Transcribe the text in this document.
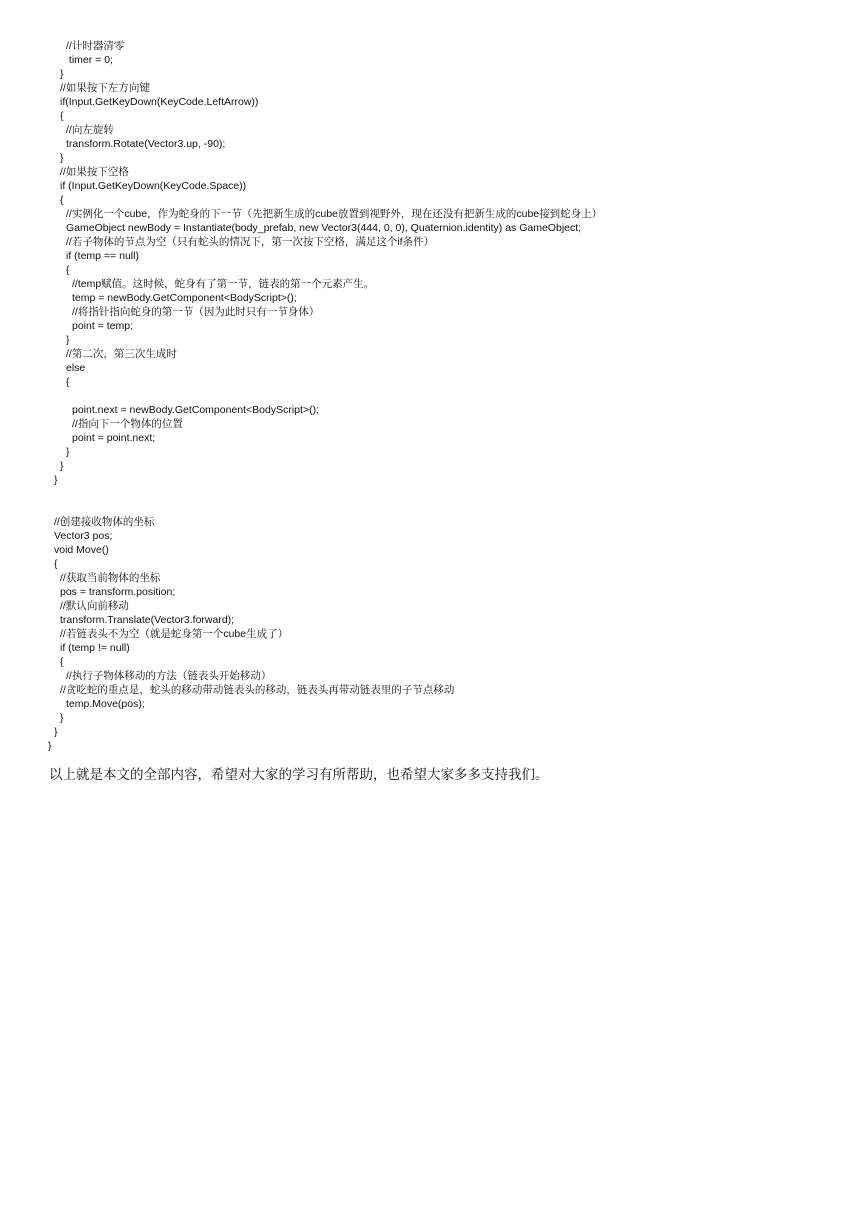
//计时器清零
timer = 0;
}
//如果按下左方向键
if(Input.GetKeyDown(KeyCode.LeftArrow))
{
//向左旋转
transform.Rotate(Vector3.up, -90);
}
//如果按下空格
if (Input.GetKeyDown(KeyCode.Space))
{
//实例化一个cube，作为蛇身的下一节（先把新生成的cube放置到视野外，现在还没有把新生成的cube接到蛇身上）
GameObject newBody = Instantiate(body_prefab, new Vector3(444, 0, 0), Quaternion.identity) as GameObject;
//若子物体的节点为空（只有蛇头的情况下，第一次按下空格，满足这个if条件）
if (temp == null)
{
//temp赋值。这时候，蛇身有了第一节，链表的第一个元素产生。
temp = newBody.GetComponent<BodyScript>();
//将指针指向蛇身的第一节（因为此时只有一节身体）
point = temp;
}
//第二次，第三次生成时
else
{
point.next = newBody.GetComponent<BodyScript>();
//指向下一个物体的位置
point = point.next;
}
}
}
//创建接收物体的坐标
Vector3 pos;
void Move()
{
//获取当前物体的坐标
pos = transform.position;
//默认向前移动
transform.Translate(Vector3.forward);
//若链表头不为空（就是蛇身第一个cube生成了）
if (temp != null)
{
//执行子物体移动的方法（链表头开始移动）
//贪吃蛇的重点是，蛇头的移动带动链表头的移动，链表头再带动链表里的子节点移动
temp.Move(pos);
}
}
}
以上就是本文的全部内容，希望对大家的学习有所帮助，也希望大家多多支持我们。
